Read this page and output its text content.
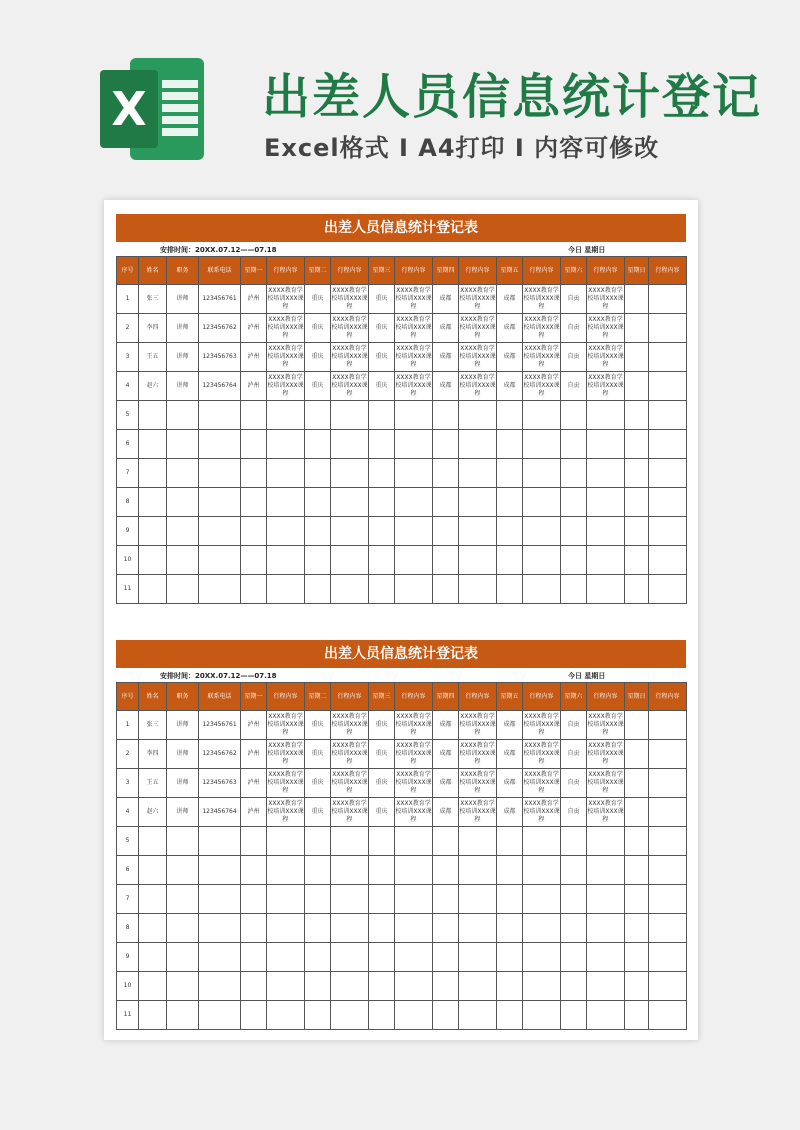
X 出差人员信息统计登记
Excel格式 I A4打印 I 内容可修改
出差人员信息统计登记表
安排时间：20XX.07.12——07.18	今日 星期日
序号	姓名	职务	联系电话	星期一	行程内容	星期二	行程内容	星期三	行程内容	星期四	行程内容	星期五	行程内容	星期六	行程内容	星期日	行程内容
1	张三	讲师	123456761	泸州	XXXX教育学校培训XXX课程	重庆	XXXX教育学校培训XXX课程	重庆	XXXX教育学校培训XXX课程	成都	XXXX教育学校培训XXX课程	成都	XXXX教育学校培训XXX课程	自贡	XXXX教育学校培训XXX课程		
2	李四	讲师	123456762	泸州	XXXX教育学校培训XXX课程	重庆	XXXX教育学校培训XXX课程	重庆	XXXX教育学校培训XXX课程	成都	XXXX教育学校培训XXX课程	成都	XXXX教育学校培训XXX课程	自贡	XXXX教育学校培训XXX课程		
3	王五	讲师	123456763	泸州	XXXX教育学校培训XXX课程	重庆	XXXX教育学校培训XXX课程	重庆	XXXX教育学校培训XXX课程	成都	XXXX教育学校培训XXX课程	成都	XXXX教育学校培训XXX课程	自贡	XXXX教育学校培训XXX课程		
4	赵六	讲师	123456764	泸州	XXXX教育学校培训XXX课程	重庆	XXXX教育学校培训XXX课程	重庆	XXXX教育学校培训XXX课程	成都	XXXX教育学校培训XXX课程	成都	XXXX教育学校培训XXX课程	自贡	XXXX教育学校培训XXX课程		
5																	
6																	
7																	
8																	
9																	
10																	
11																	
出差人员信息统计登记表
安排时间：20XX.07.12——07.18	今日 星期日
序号	姓名	职务	联系电话	星期一	行程内容	星期二	行程内容	星期三	行程内容	星期四	行程内容	星期五	行程内容	星期六	行程内容	星期日	行程内容
1	张三	讲师	123456761	泸州	XXXX教育学校培训XXX课程	重庆	XXXX教育学校培训XXX课程	重庆	XXXX教育学校培训XXX课程	成都	XXXX教育学校培训XXX课程	成都	XXXX教育学校培训XXX课程	自贡	XXXX教育学校培训XXX课程		
2	李四	讲师	123456762	泸州	XXXX教育学校培训XXX课程	重庆	XXXX教育学校培训XXX课程	重庆	XXXX教育学校培训XXX课程	成都	XXXX教育学校培训XXX课程	成都	XXXX教育学校培训XXX课程	自贡	XXXX教育学校培训XXX课程		
3	王五	讲师	123456763	泸州	XXXX教育学校培训XXX课程	重庆	XXXX教育学校培训XXX课程	重庆	XXXX教育学校培训XXX课程	成都	XXXX教育学校培训XXX课程	成都	XXXX教育学校培训XXX课程	自贡	XXXX教育学校培训XXX课程		
4	赵六	讲师	123456764	泸州	XXXX教育学校培训XXX课程	重庆	XXXX教育学校培训XXX课程	重庆	XXXX教育学校培训XXX课程	成都	XXXX教育学校培训XXX课程	成都	XXXX教育学校培训XXX课程	自贡	XXXX教育学校培训XXX课程		
5																	
6																	
7																	
8																	
9																	
10																	
11																	
